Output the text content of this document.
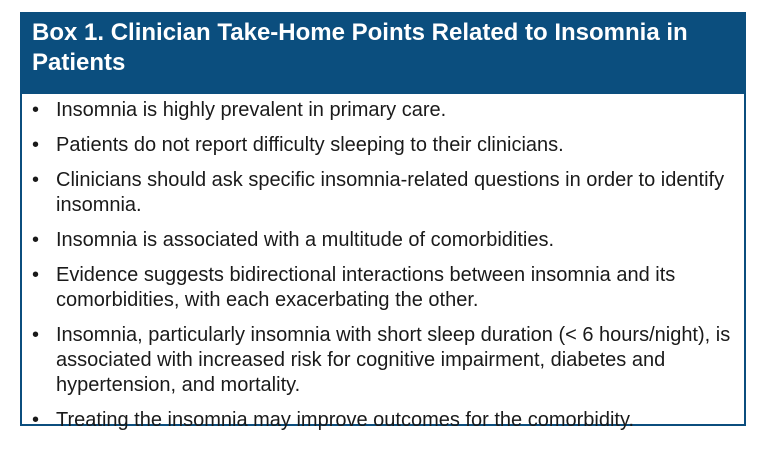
Box 1. Clinician Take-Home Points Related to Insomnia in Patients
• Insomnia is highly prevalent in primary care.
• Patients do not report difficulty sleeping to their clinicians.
• Clinicians should ask specific insomnia-related questions in order to identify insomnia.
• Insomnia is associated with a multitude of comorbidities.
• Evidence suggests bidirectional interactions between insomnia and its comorbidities, with each exacerbating the other.
• Insomnia, particularly insomnia with short sleep duration (< 6 hours/night), is associated with increased risk for cognitive impairment, diabetes and hypertension, and mortality.
• Treating the insomnia may improve outcomes for the comorbidity.
